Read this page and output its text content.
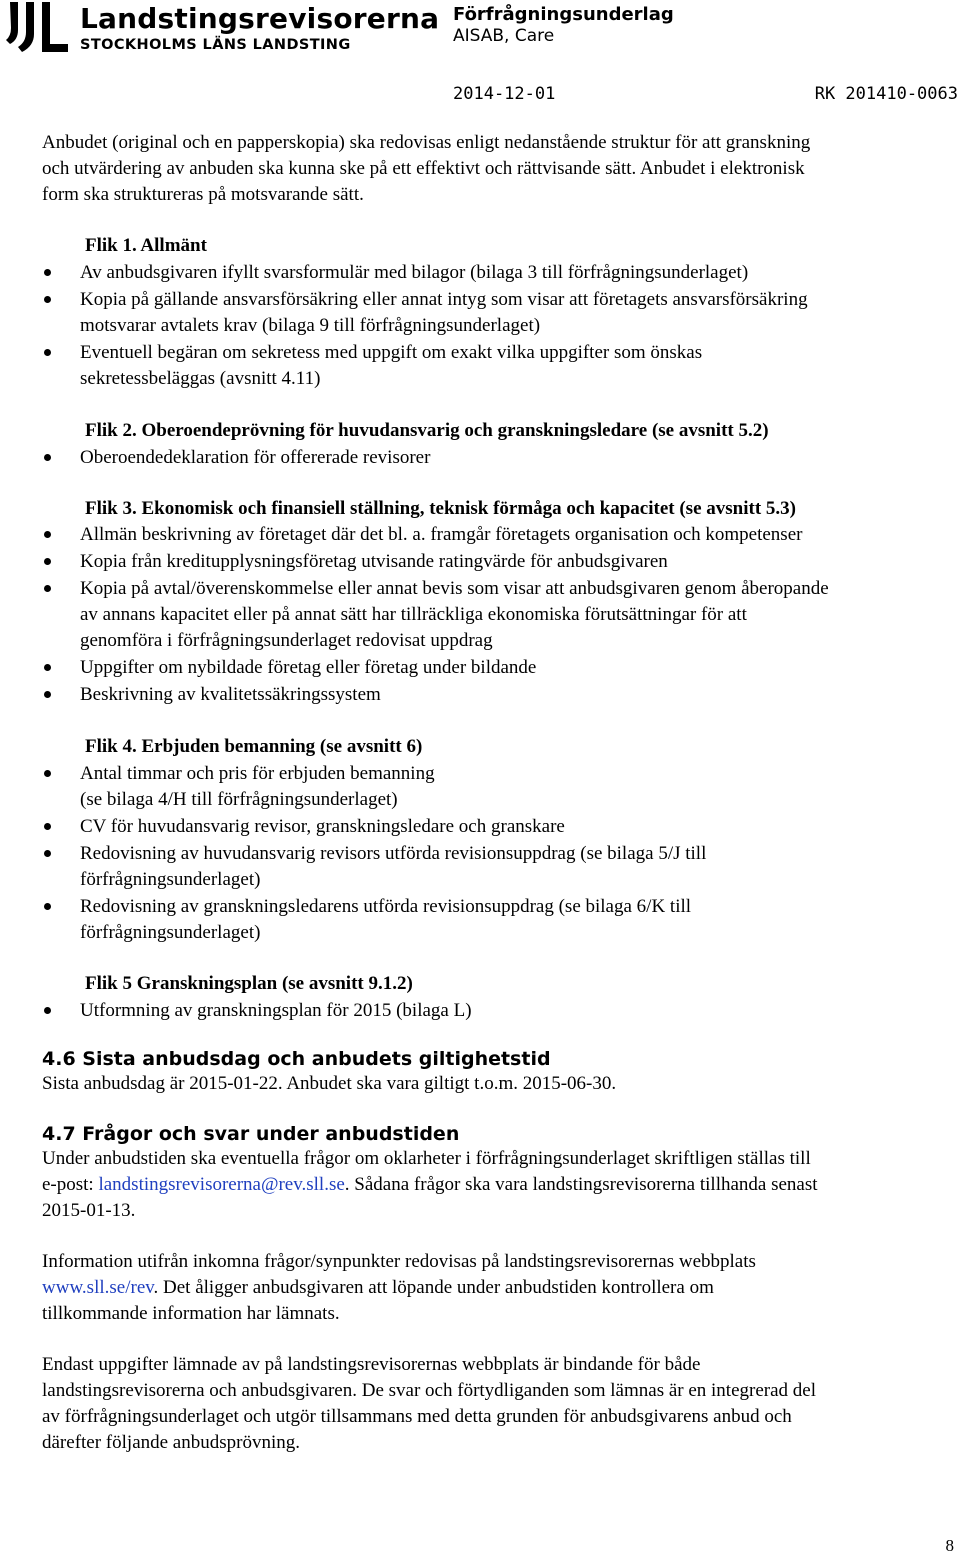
Landstingsrevisorerna
STOCKHOLMS LÄNS LANDSTING
Förfrågningsunderlag
AISAB, Care
2014-12-01	RK 201410-0063
Anbudet (original och en papperskopia) ska redovisas enligt nedanstående struktur för att granskning
och utvärdering av anbuden ska kunna ske på ett effektivt och rättvisande sätt. Anbudet i elektronisk
form ska struktureras på motsvarande sätt.
Flik 1. Allmänt
Av anbudsgivaren ifyllt svarsformulär med bilagor (bilaga 3 till förfrågningsunderlaget)
Kopia på gällande ansvarsförsäkring eller annat intyg som visar att företagets ansvarsförsäkring
motsvarar avtalets krav (bilaga 9 till förfrågningsunderlaget)
Eventuell begäran om sekretess med uppgift om exakt vilka uppgifter som önskas
sekretessbeläggas (avsnitt 4.11)
Flik 2. Oberoendeprövning för huvudansvarig och granskningsledare (se avsnitt 5.2)
Oberoendedeklaration för offererade revisorer
Flik 3. Ekonomisk och finansiell ställning, teknisk förmåga och kapacitet (se avsnitt 5.3)
Allmän beskrivning av företaget där det bl. a. framgår företagets organisation och kompetenser
Kopia från kreditupplysningsföretag utvisande ratingvärde för anbudsgivaren
Kopia på avtal/överenskommelse eller annat bevis som visar att anbudsgivaren genom åberopande
av annans kapacitet eller på annat sätt har tillräckliga ekonomiska förutsättningar för att
genomföra i förfrågningsunderlaget redovisat uppdrag
Uppgifter om nybildade företag eller företag under bildande
Beskrivning av kvalitetssäkringssystem
Flik 4. Erbjuden bemanning (se avsnitt 6)
Antal timmar och pris för erbjuden bemanning
(se bilaga 4/H till förfrågningsunderlaget)
CV för huvudansvarig revisor, granskningsledare och granskare
Redovisning av huvudansvarig revisors utförda revisionsuppdrag (se bilaga 5/J till
förfrågningsunderlaget)
Redovisning av granskningsledarens utförda revisionsuppdrag (se bilaga 6/K till
förfrågningsunderlaget)
Flik 5 Granskningsplan (se avsnitt 9.1.2)
Utformning av granskningsplan för 2015 (bilaga L)
4.6 Sista anbudsdag och anbudets giltighetstid
Sista anbudsdag är 2015-01-22. Anbudet ska vara giltigt t.o.m. 2015-06-30.
4.7 Frågor och svar under anbudstiden
Under anbudstiden ska eventuella frågor om oklarheter i förfrågningsunderlaget skriftligen ställas till
e-post: landstingsrevisorerna@rev.sll.se. Sådana frågor ska vara landstingsrevisorerna tillhanda senast
2015-01-13.
Information utifrån inkomna frågor/synpunkter redovisas på landstingsrevisorernas webbplats
www.sll.se/rev. Det åligger anbudsgivaren att löpande under anbudstiden kontrollera om
tillkommande information har lämnats.
Endast uppgifter lämnade av på landstingsrevisorernas webbplats är bindande för både
landstingsrevisorerna och anbudsgivaren. De svar och förtydliganden som lämnas är en integrerad del
av förfrågningsunderlaget och utgör tillsammans med detta grunden för anbudsgivarens anbud och
därefter följande anbudsprövning.
8
